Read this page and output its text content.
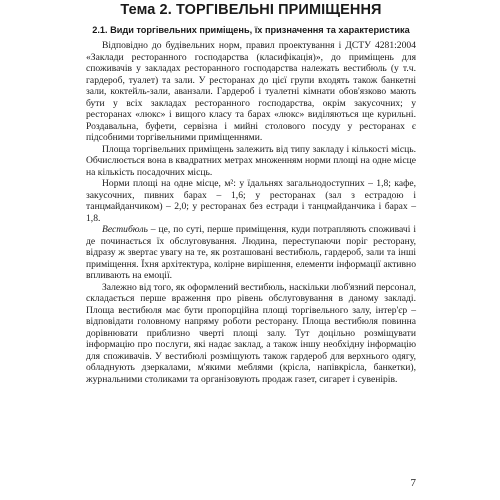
Тема 2. ТОРГІВЕЛЬНІ ПРИМІЩЕННЯ
2.1. Види торгівельних приміщень, їх призначення та характеристика

Відповідно до будівельних норм, правил проектування і ДСТУ 4281:2004 «Заклади ресторанного господарства (класифікація)», до приміщень для споживачів у закладах ресторанного господарства належать вестибюль (у т.ч. гардероб, туалет) та зали. У ресторанах до цієї групи входять також банкетні зали, коктейль-зали, аванзали. Гардероб і туалетні кімнати обов'язково мають бути у всіх закладах ресторанного господарства, окрім закусочних; у ресторанах «люкс» і вищого класу та барах «люкс» виділяються ще курильні. Роздавальна, буфети, сервізна і мийні столового посуду у ресторанах є підсобними торгівельними приміщеннями.

Площа торгівельних приміщень залежить від типу закладу і кількості місць. Обчислюється вона в квадратних метрах множенням норми площі на одне місце на кількість посадочних місць.

Норми площі на одне місце, м²: у їдальнях загальнодоступних – 1,8; кафе, закусочних, пивних барах – 1,6; у ресторанах (зал з естрадою і танцмайданчиком) – 2,0; у ресторанах без естради і танцмайданчика і барах – 1,8.

Вестибюль – це, по суті, перше приміщення, куди потрапляють споживачі і де починається їх обслуговування. Людина, переступаючи поріг ресторану, відразу ж звертає увагу на те, як розташовані вестибюль, гардероб, зали та інші приміщення. Їхня архітектура, колірне вирішення, елементи інформації активно впливають на емоції.

Залежно від того, як оформлений вестибюль, наскільки люб'язний персонал, складається перше враження про рівень обслуговування в даному закладі. Площа вестибюля має бути пропорційна площі торгівельного залу, інтер'єр – відповідати головному напряму роботи ресторану. Площа вестибюля повинна дорівнювати приблизно чверті площі залу. Тут доцільно розміщувати інформацію про послуги, які надає заклад, а також іншу необхідну інформацію для споживачів. У вестибюлі розміщують також гардероб для верхнього одягу, обладнують дзеркалами, м'якими меблями (крісла, напівкрісла, банкетки), журнальними столиками та організовують продаж газет, сигарет і сувенірів.

7
